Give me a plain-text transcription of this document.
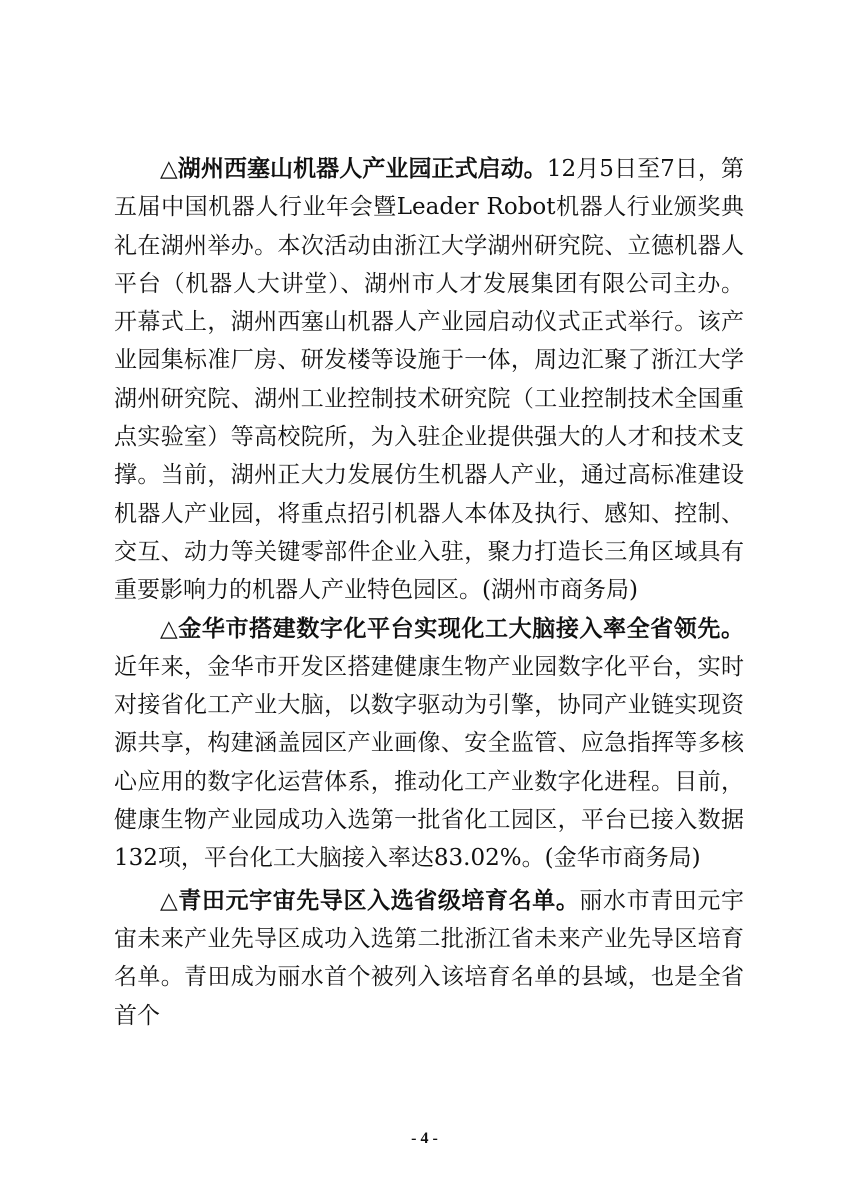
△湖州西塞山机器人产业园正式启动。12月5日至7日，第五届中国机器人行业年会暨Leader Robot机器人行业颁奖典礼在湖州举办。本次活动由浙江大学湖州研究院、立德机器人平台（机器人大讲堂）、湖州市人才发展集团有限公司主办。开幕式上，湖州西塞山机器人产业园启动仪式正式举行。该产业园集标准厂房、研发楼等设施于一体，周边汇聚了浙江大学湖州研究院、湖州工业控制技术研究院（工业控制技术全国重点实验室）等高校院所，为入驻企业提供强大的人才和技术支撑。当前，湖州正大力发展仿生机器人产业，通过高标准建设机器人产业园，将重点招引机器人本体及执行、感知、控制、交互、动力等关键零部件企业入驻，聚力打造长三角区域具有重要影响力的机器人产业特色园区。(湖州市商务局)

△金华市搭建数字化平台实现化工大脑接入率全省领先。近年来，金华市开发区搭建健康生物产业园数字化平台，实时对接省化工产业大脑，以数字驱动为引擎，协同产业链实现资源共享，构建涵盖园区产业画像、安全监管、应急指挥等多核心应用的数字化运营体系，推动化工产业数字化进程。目前，健康生物产业园成功入选第一批省化工园区，平台已接入数据132项，平台化工大脑接入率达83.02%。(金华市商务局)

△青田元宇宙先导区入选省级培育名单。丽水市青田元宇宙未来产业先导区成功入选第二批浙江省未来产业先导区培育名单。青田成为丽水首个被列入该培育名单的县域，也是全省首个

- 4 -
